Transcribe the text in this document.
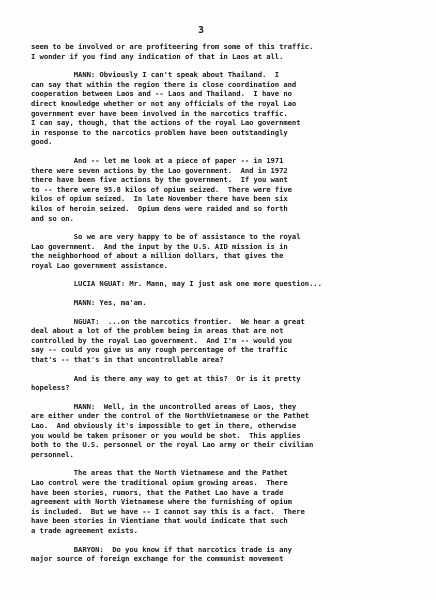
3
seem to be involved or are profiteering from some of this traffic.
I wonder if you find any indication of that in Laos at all.
MANN: Obviously I can't speak about Thailand.  I
can say that within the region there is close coordination and
cooperation between Laos and -- Laos and Thailand.  I have no
direct knowledge whether or not any officials of the royal Lao
government ever have been involved in the narcotics traffic.
I can say, though, that the actions of the royal Lao government
in response to the narcotics problem have been outstandingly
good.
And -- let me look at a piece of paper -- in 1971
there were seven actions by the Lao government.  And in 1972
there have been five actions by the government.  If you want
to -- there were 95.8 kilos of opium seized.  There were five
kilos of opium seized.  In late November there have been six
kilos of heroin seized.  Opium dens were raided and so forth
and so on.
So we are very happy to be of assistance to the royal
Lao government.  And the input by the U.S. AID mission is in
the neighborhood of about a million dollars, that gives the
royal Lao government assistance.
LUCIA NGUAT: Mr. Mann, may I just ask one more question...
MANN: Yes, ma'am.
NGUAT:  ...on the narcotics frontier.  We hear a great
deal about a lot of the problem being in areas that are not
controlled by the royal Lao government.  And I'm -- would you
say -- could you give us any rough percentage of the traffic
that's -- that's in that uncontrollable area?
And is there any way to get at this?  Or is it pretty
hopeless?
MANN:  Well, in the uncontrolled areas of Laos, they
are either under the control of the NorthVietnamese or the Pathet
Lao.  And obviously it's impossible to get in there, otherwise
you would be taken prisoner or you would be shot.  This applies
both to the U.S. personnel or the royal Lao army or their civilian
personnel.
The areas that the North Vietnamese and the Pathet
Lao control were the traditional opium growing areas.  There
have been stories, rumors, that the Pathet Lao have a trade
agreement with North Vietnamese where the furnishing of opium
is included.  But we have -- I cannot say this is a fact.  There
have been stories in Vientiane that would indicate that such
a trade agreement exists.
BARYON:  Do you know if that narcotics trade is any
major source of foreign exchange for the communist movement
